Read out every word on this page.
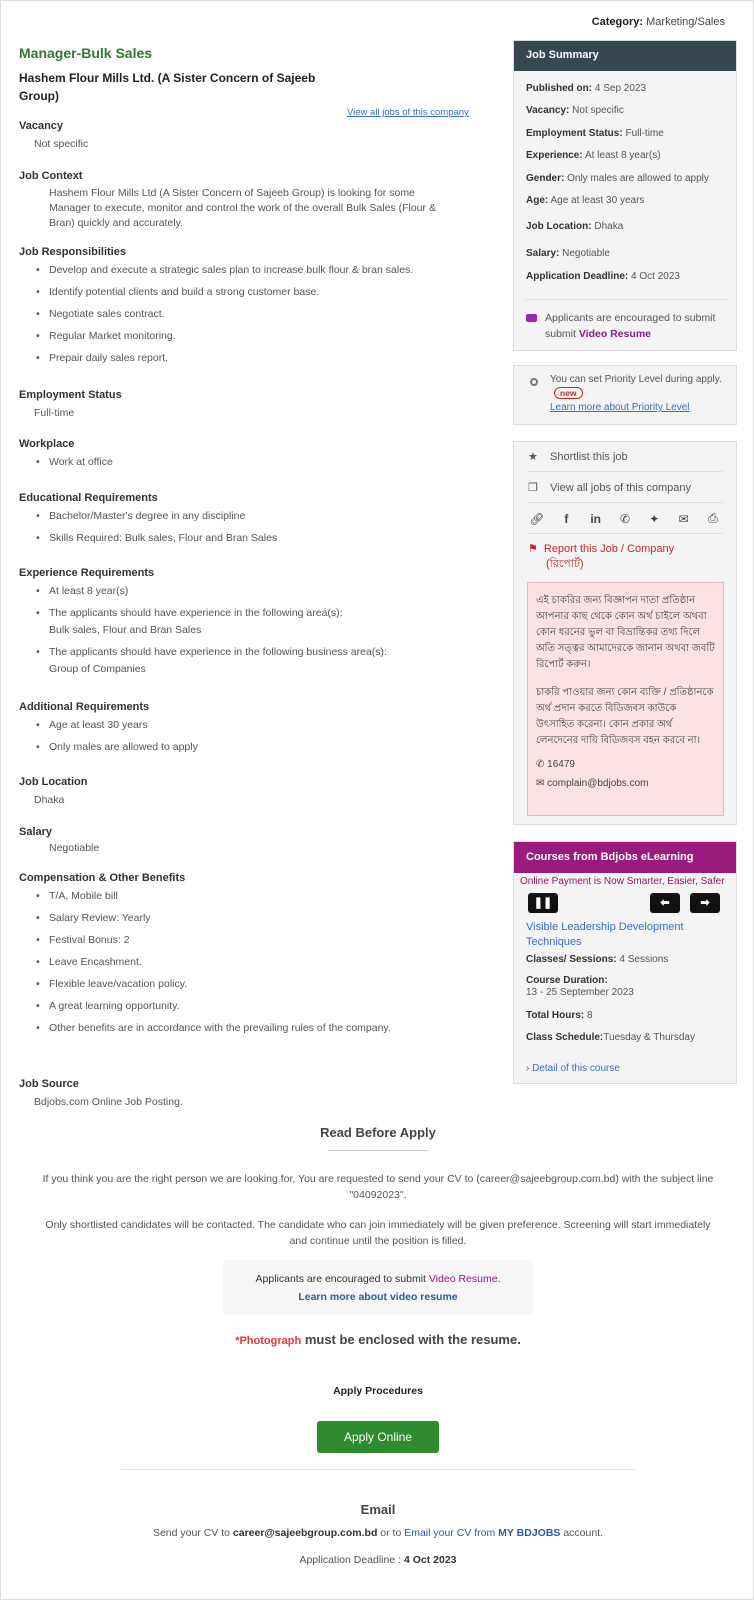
Category: Marketing/Sales
Manager-Bulk Sales
Hashem Flour Mills Ltd. (A Sister Concern of Sajeeb Group)
View all jobs of this company
Vacancy
Not specific
Job Context
Hashem Flour Mills Ltd (A Sister Concern of Sajeeb Group) is looking for some Manager to execute, monitor and control the work of the overall Bulk Sales (Flour & Bran) quickly and accurately.
Job Responsibilities
• Develop and execute a strategic sales plan to increase bulk flour & bran sales.
• Identify potential clients and build a strong customer base.
• Negotiate sales contract.
• Regular Market monitoring.
• Prepair daily sales report.
Employment Status
Full-time
Workplace
• Work at office
Educational Requirements
• Bachelor/Master's degree in any discipline
• Skills Required: Bulk sales, Flour and Bran Sales
Experience Requirements
• At least 8 year(s)
• The applicants should have experience in the following area(s):
Bulk sales, Flour and Bran Sales
• The applicants should have experience in the following business area(s):
Group of Companies
Additional Requirements
• Age at least 30 years
• Only males are allowed to apply
Job Location
Dhaka
Salary
Negotiable
Compensation & Other Benefits
• T/A, Mobile bill
• Salary Review: Yearly
• Festival Bonus: 2
• Leave Encashment.
• Flexible leave/vacation policy.
• A great learning opportunity.
• Other benefits are in accordance with the prevailing rules of the company.
Job Source
Bdjobs.com Online Job Posting.
Job Summary
Published on: 4 Sep 2023
Vacancy: Not specific
Employment Status: Full-time
Experience: At least 8 year(s)
Gender: Only males are allowed to apply
Age: Age at least 30 years
Job Location: Dhaka
Salary: Negotiable
Application Deadline: 4 Oct 2023
Applicants are encouraged to submit
submit Video Resume
You can set Priority Level during apply.new
Learn more about Priority Level
★ Shortlist this job
❐ View all jobs of this company
🔗︎	f	in	✆	✦	✉	⎙
⚑ Report this Job / Company
(রিপোর্ট)

এই চাকরির জন্য বিজ্ঞাপন দাতা প্রতিষ্ঠান আপনার কাছ থেকে কোন অর্থ চাইলে অথবা কোন ধরনের ভুল বা বিভ্রান্তিকর তথ্য দিলে অতি সত্ত্বর আমাদেরকে জানান অথবা জবটি রিপোর্ট করুন।

চাকরি পাওয়ার জন্য কোন ব্যক্তি / প্রতিষ্ঠানকে অর্থ প্রদান করতে বিডিজবস কাউকে উৎসাহিত করেনা। কোন প্রকার অর্থ লেনদেনের দায়ি বিডিজবস বহন করবে না।

✆ 16479
✉ complain@bdjobs.com
Courses from Bdjobs eLearning
Online Payment is Now Smarter, Easier, Safer
❚❚	⬅	➡
Visible Leadership Development Techniques
Classes/ Sessions: 4 Sessions
Course Duration:
13 - 25 September 2023
Total Hours: 8
Class Schedule:Tuesday & Thursday
› Detail of this course
Read Before Apply
If you think you are the right person we are looking for, You are requested to send your CV to (career@sajeebgroup.com.bd) with the subject line "04092023".
Only shortlisted candidates will be contacted. The candidate who can join immediately will be given preference. Screening will start immediately and continue until the position is filled.
Applicants are encouraged to submit Video Resume.
Learn more about video resume
*Photograph must be enclosed with the resume.
Apply Procedures
Apply Online
Email
Send your CV to career@sajeebgroup.com.bd or to Email your CV from MY BDJOBS account.
Application Deadline : 4 Oct 2023
